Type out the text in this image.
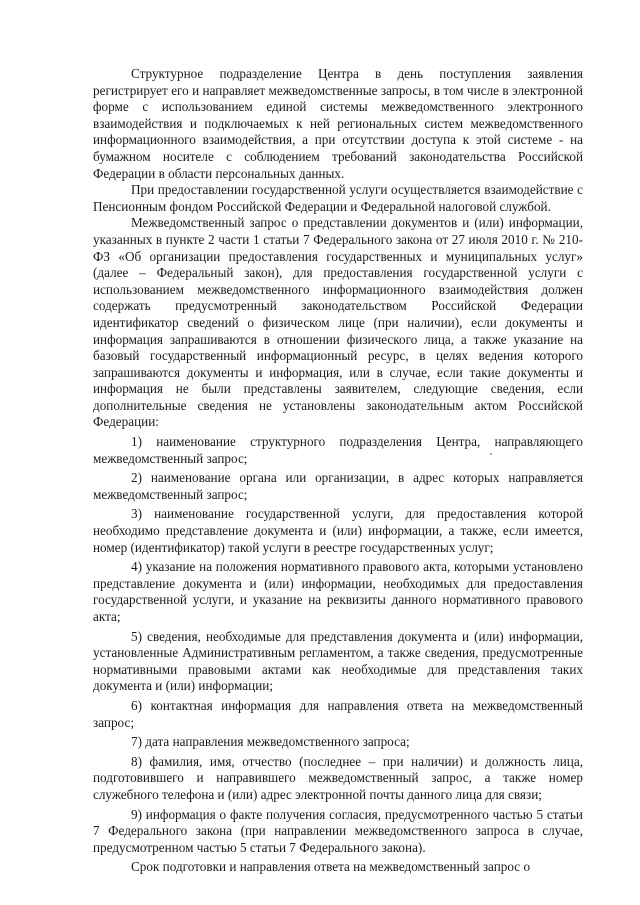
Структурное подразделение Центра в день поступления заявления регистрирует его и направляет межведомственные запросы, в том числе в электронной форме с использованием единой системы межведомственного электронного взаимодействия и подключаемых к ней региональных систем межведомственного информационного взаимодействия, а при отсутствии доступа к этой системе - на бумажном носителе с соблюдением требований законодательства Российской Федерации в области персональных данных.

При предоставлении государственной услуги осуществляется взаимодействие с Пенсионным фондом Российской Федерации и Федеральной налоговой службой.

Межведомственный запрос о представлении документов и (или) информации, указанных в пункте 2 части 1 статьи 7 Федерального закона от 27 июля 2010 г. № 210-ФЗ «Об организации предоставления государственных и муниципальных услуг» (далее – Федеральный закон), для предоставления государственной услуги с использованием межведомственного информационного взаимодействия должен содержать предусмотренный законодательством Российской Федерации идентификатор сведений о физическом лице (при наличии), если документы и информация запрашиваются в отношении физического лица, а также указание на базовый государственный информационный ресурс, в целях ведения которого запрашиваются документы и информация, или в случае, если такие документы и информация не были представлены заявителем, следующие сведения, если дополнительные сведения не установлены законодательным актом Российской Федерации:

1) наименование структурного подразделения Центра, направляющего межведомственный запрос;

2) наименование органа или организации, в адрес которых направляется межведомственный запрос;

3) наименование государственной услуги, для предоставления которой необходимо представление документа и (или) информации, а также, если имеется, номер (идентификатор) такой услуги в реестре государственных услуг;

4) указание на положения нормативного правового акта, которыми установлено представление документа и (или) информации, необходимых для предоставления государственной услуги, и указание на реквизиты данного нормативного правового акта;

5) сведения, необходимые для представления документа и (или) информации, установленные Административным регламентом, а также сведения, предусмотренные нормативными правовыми актами как необходимые для представления таких документа и (или) информации;

6) контактная информация для направления ответа на межведомственный запрос;

7) дата направления межведомственного запроса;

8) фамилия, имя, отчество (последнее – при наличии) и должность лица, подготовившего и направившего межведомственный запрос, а также номер служебного телефона и (или) адрес электронной почты данного лица для связи;

9) информация о факте получения согласия, предусмотренного частью 5 статьи 7 Федерального закона (при направлении межведомственного запроса в случае, предусмотренном частью 5 статьи 7 Федерального закона).

Срок подготовки и направления ответа на межведомственный запрос о
